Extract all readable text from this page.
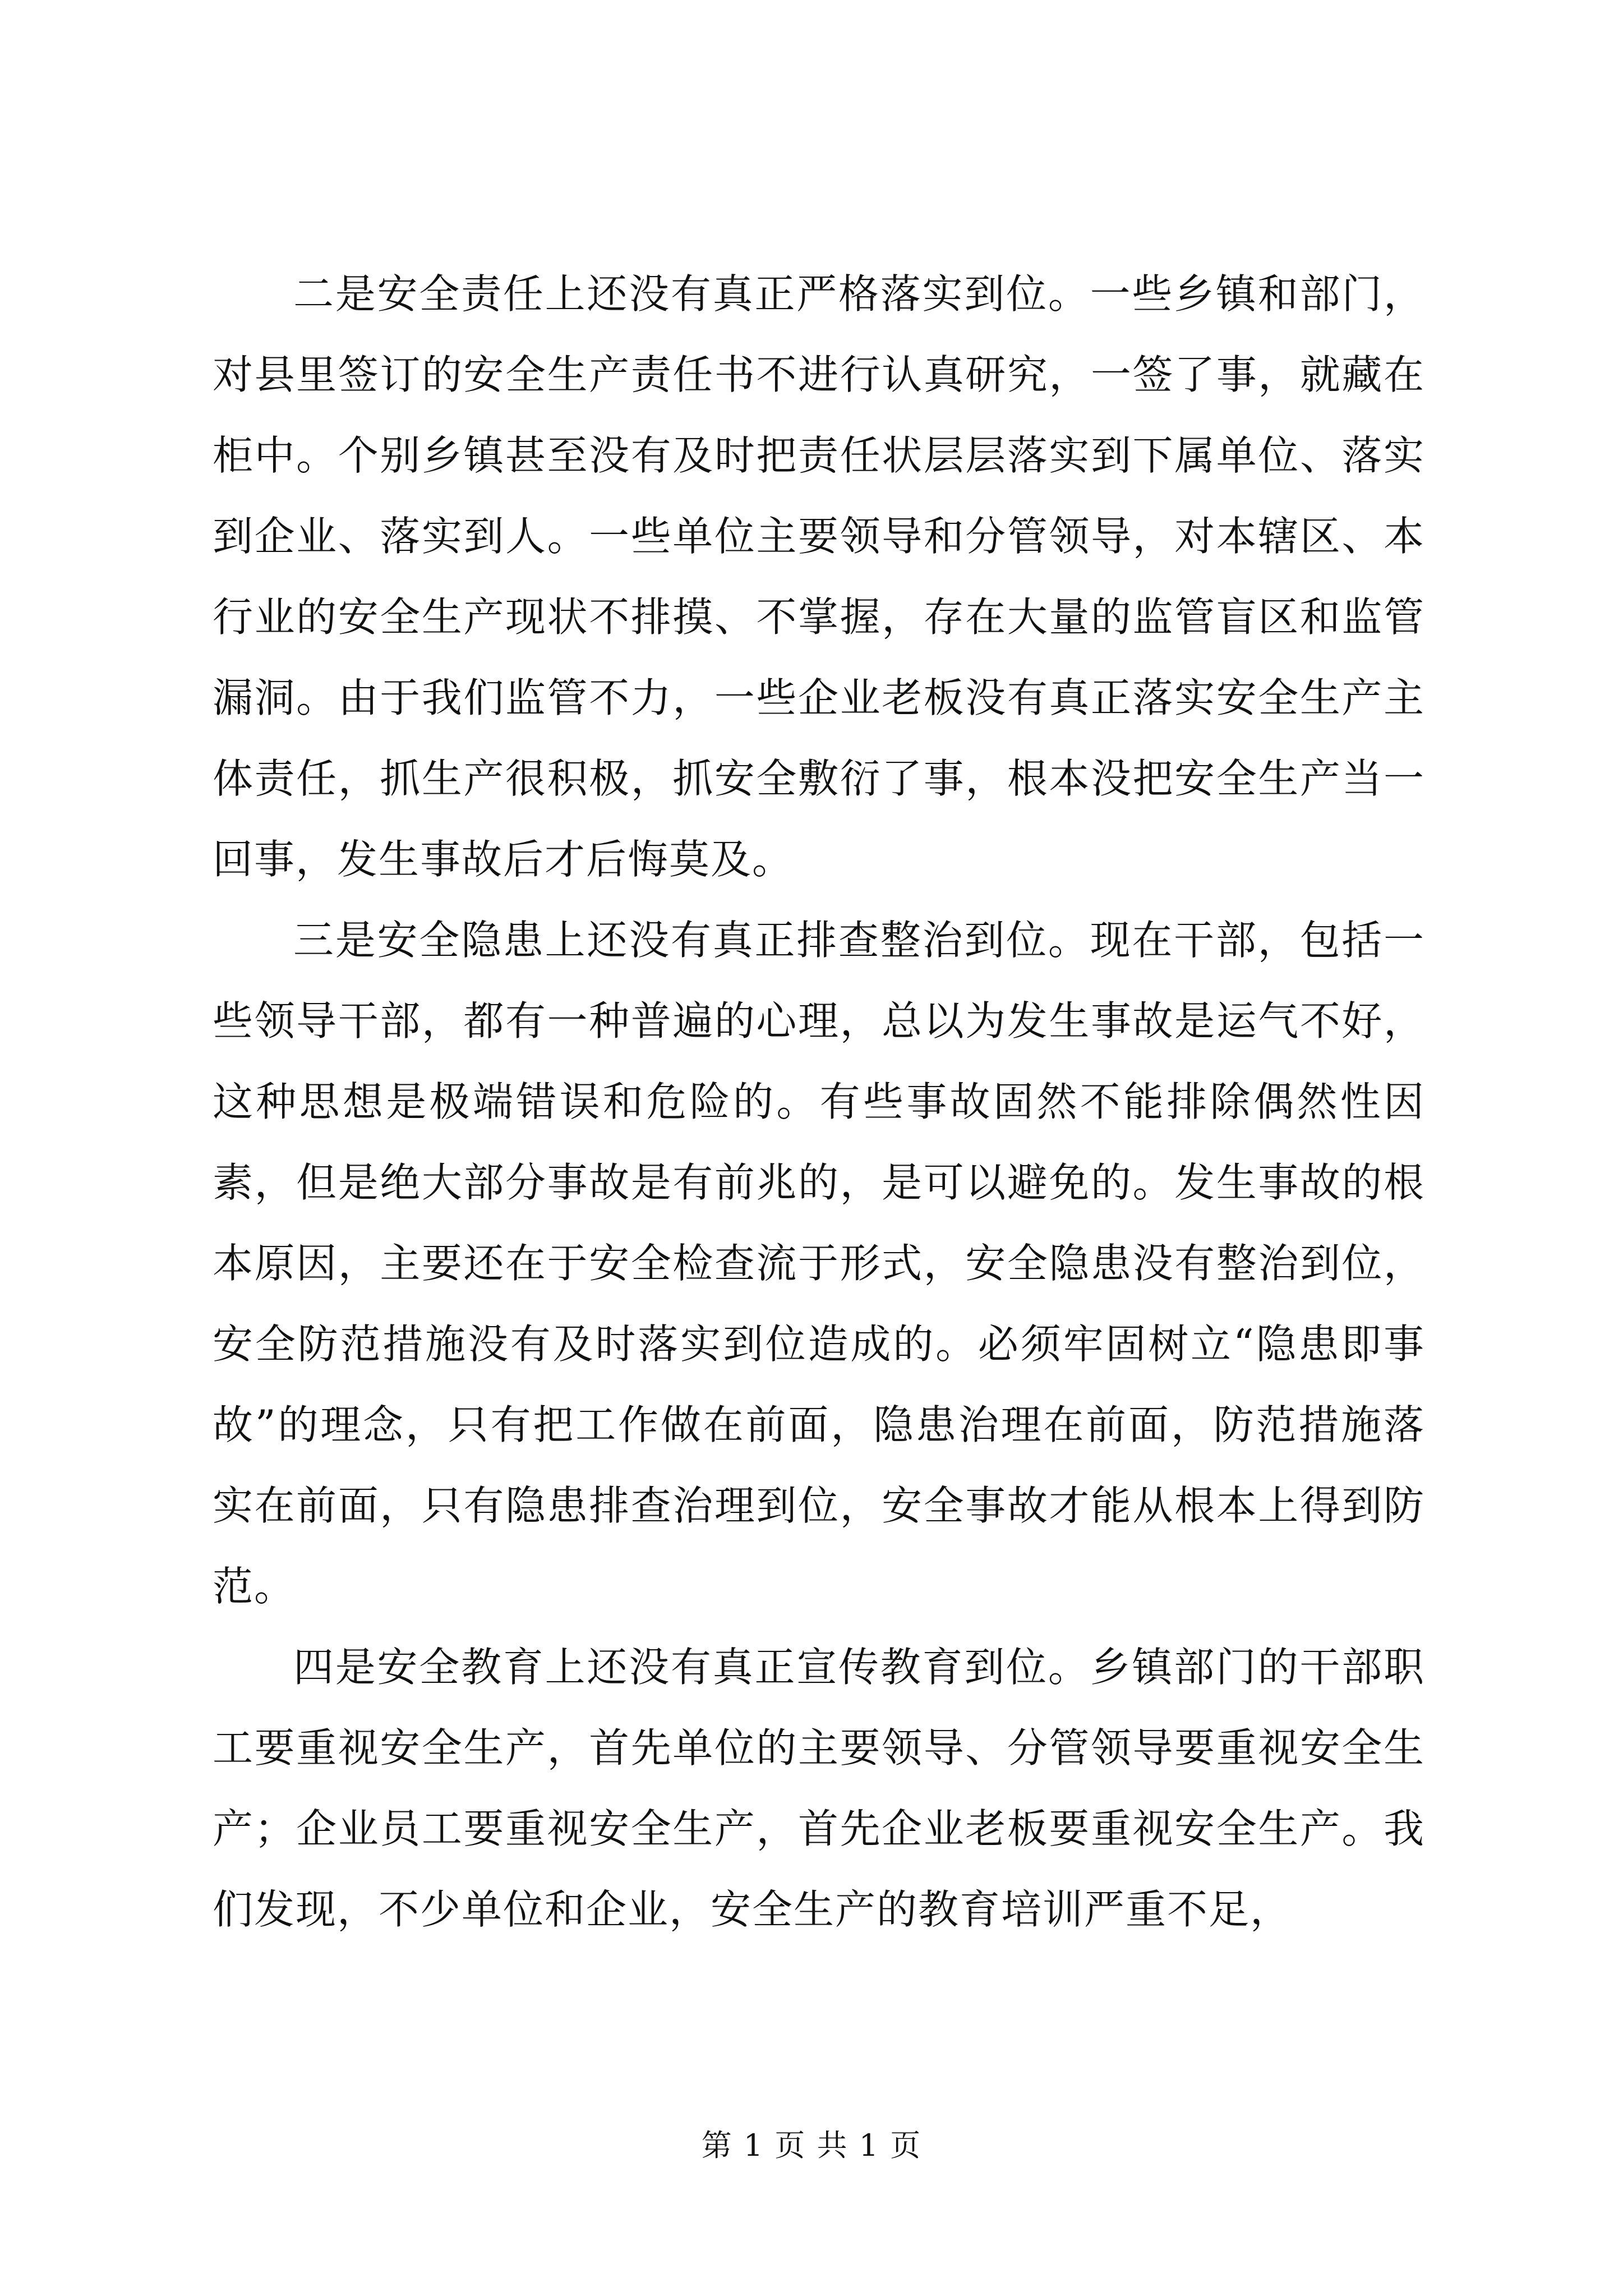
二是安全责任上还没有真正严格落实到位。一些乡镇和部门，对县里签订的安全生产责任书不进行认真研究，一签了事，就藏在柜中。个别乡镇甚至没有及时把责任状层层落实到下属单位、落实到企业、落实到人。一些单位主要领导和分管领导，对本辖区、本行业的安全生产现状不排摸、不掌握，存在大量的监管盲区和监管漏洞。由于我们监管不力，一些企业老板没有真正落实安全生产主体责任，抓生产很积极，抓安全敷衍了事，根本没把安全生产当一回事，发生事故后才后悔莫及。

三是安全隐患上还没有真正排查整治到位。现在干部，包括一些领导干部，都有一种普遍的心理，总以为发生事故是运气不好，这种思想是极端错误和危险的。有些事故固然不能排除偶然性因素，但是绝大部分事故是有前兆的，是可以避免的。发生事故的根本原因，主要还在于安全检查流于形式，安全隐患没有整治到位，安全防范措施没有及时落实到位造成的。必须牢固树立“隐患即事故”的理念，只有把工作做在前面，隐患治理在前面，防范措施落实在前面，只有隐患排查治理到位，安全事故才能从根本上得到防范。

四是安全教育上还没有真正宣传教育到位。乡镇部门的干部职工要重视安全生产，首先单位的主要领导、分管领导要重视安全生产；企业员工要重视安全生产，首先企业老板要重视安全生产。我们发现，不少单位和企业，安全生产的教育培训严重不足，

第 1 页 共 1 页
